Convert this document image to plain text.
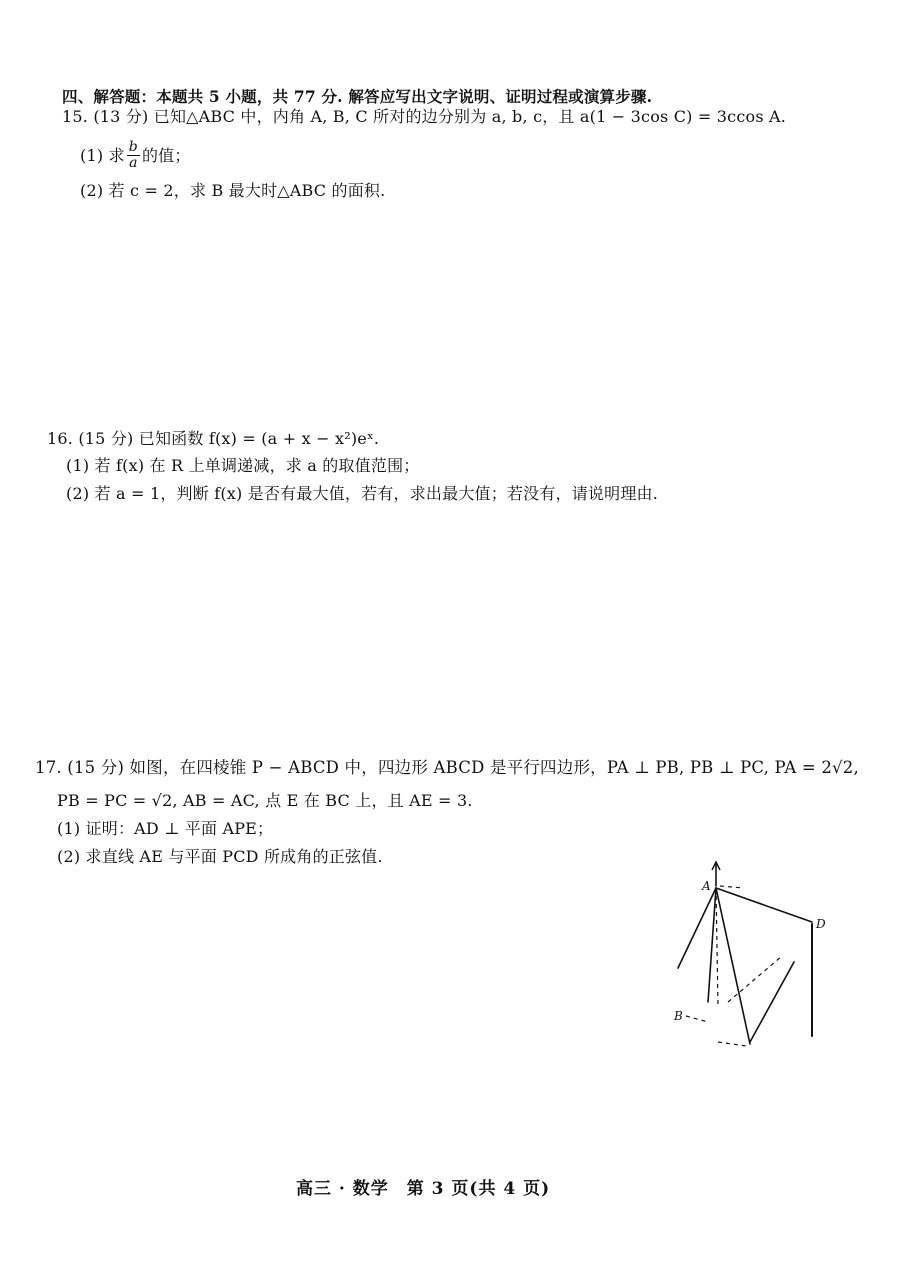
四、解答题：本题共 5 小题，共 77 分. 解答应写出文字说明、证明过程或演算步骤.
15. (13 分) 已知△ABC 中，内角 A, B, C 所对的边分别为 a, b, c，且 a(1 − 3cos C) = 3ccos A.
(1) 求 $\frac{b}{a}$ 的值；
(2) 若 c = 2，求 B 最大时△ABC 的面积.
16. (15 分) 已知函数 f(x) = (a + x − x²)eˣ.
(1) 若 f(x) 在 R 上单调递减，求 a 的取值范围；
(2) 若 a = 1，判断 f(x) 是否有最大值，若有，求出最大值；若没有，请说明理由.
17. (15 分) 如图，在四棱锥 P − ABCD 中，四边形 ABCD 是平行四边形，PA ⊥ PB, PB ⊥ PC, PA = 2√2,
PB = PC = √2, AB = AC, 点 E 在 BC 上，且 AE = 3.
(1) 证明：AD ⊥ 平面 APE；
(2) 求直线 AE 与平面 PCD 所成角的正弦值.
A
D
B
高三 · 数学　第 3 页(共 4 页)
